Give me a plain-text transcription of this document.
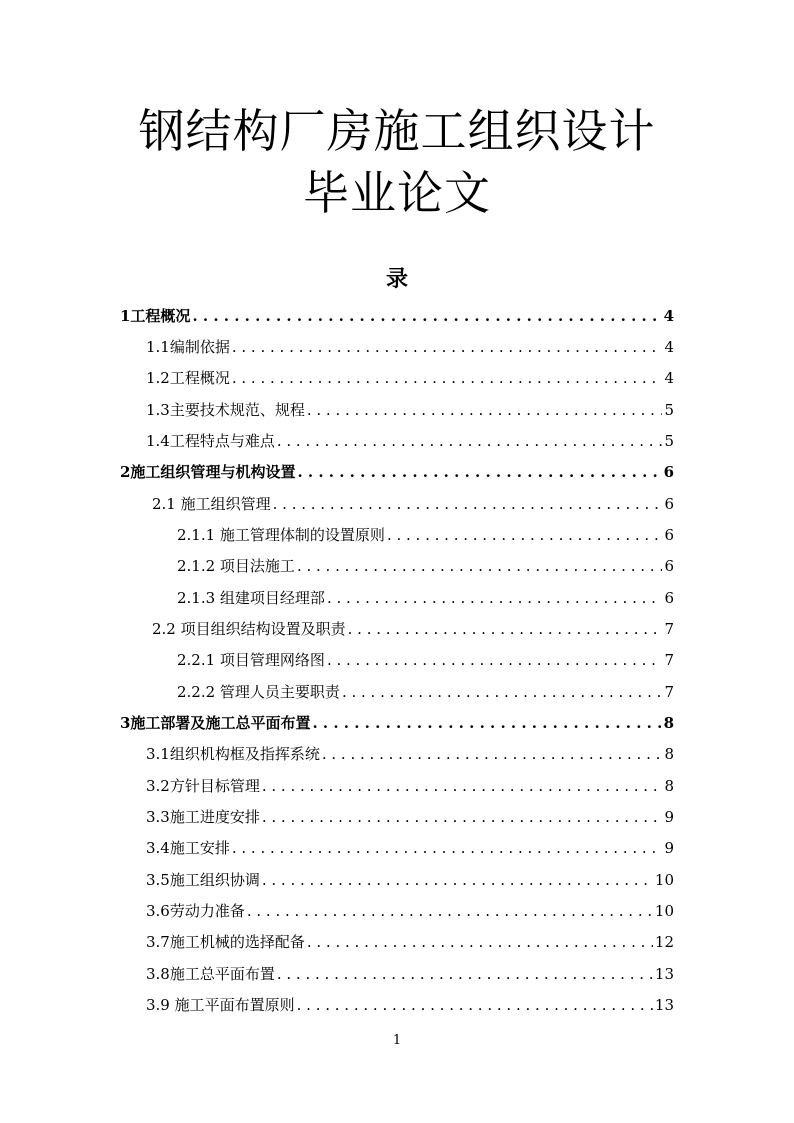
钢结构厂房施工组织设计
毕业论文
录
1工程概况 . . .	4
1.1编制依据 . . .	4
1.2工程概况 . . .	4
1.3主要技术规范、规程 . . .	5
1.4工程特点与难点 . . .	5
2施工组织管理与机构设置 . . .	6
2.1 施工组织管理 . . .	6
2.1.1 施工管理体制的设置原则 . . .	6
2.1.2 项目法施工 . . .	6
2.1.3 组建项目经理部 . . .	6
2.2 项目组织结构设置及职责 . . .	7
2.2.1 项目管理网络图 . . .	7
2.2.2 管理人员主要职责 . . .	7
3施工部署及施工总平面布置 . . .	8
3.1组织机构框及指挥系统 . . .	8
3.2方针目标管理 . . .	8
3.3施工进度安排 . . .	9
3.4施工安排 . . .	9
3.5施工组织协调 . . .	10
3.6劳动力准备 . . .	10
3.7施工机械的选择配备 . . .	12
3.8施工总平面布置 . . .	13
3.9 施工平面布置原则 . . .	13
1
